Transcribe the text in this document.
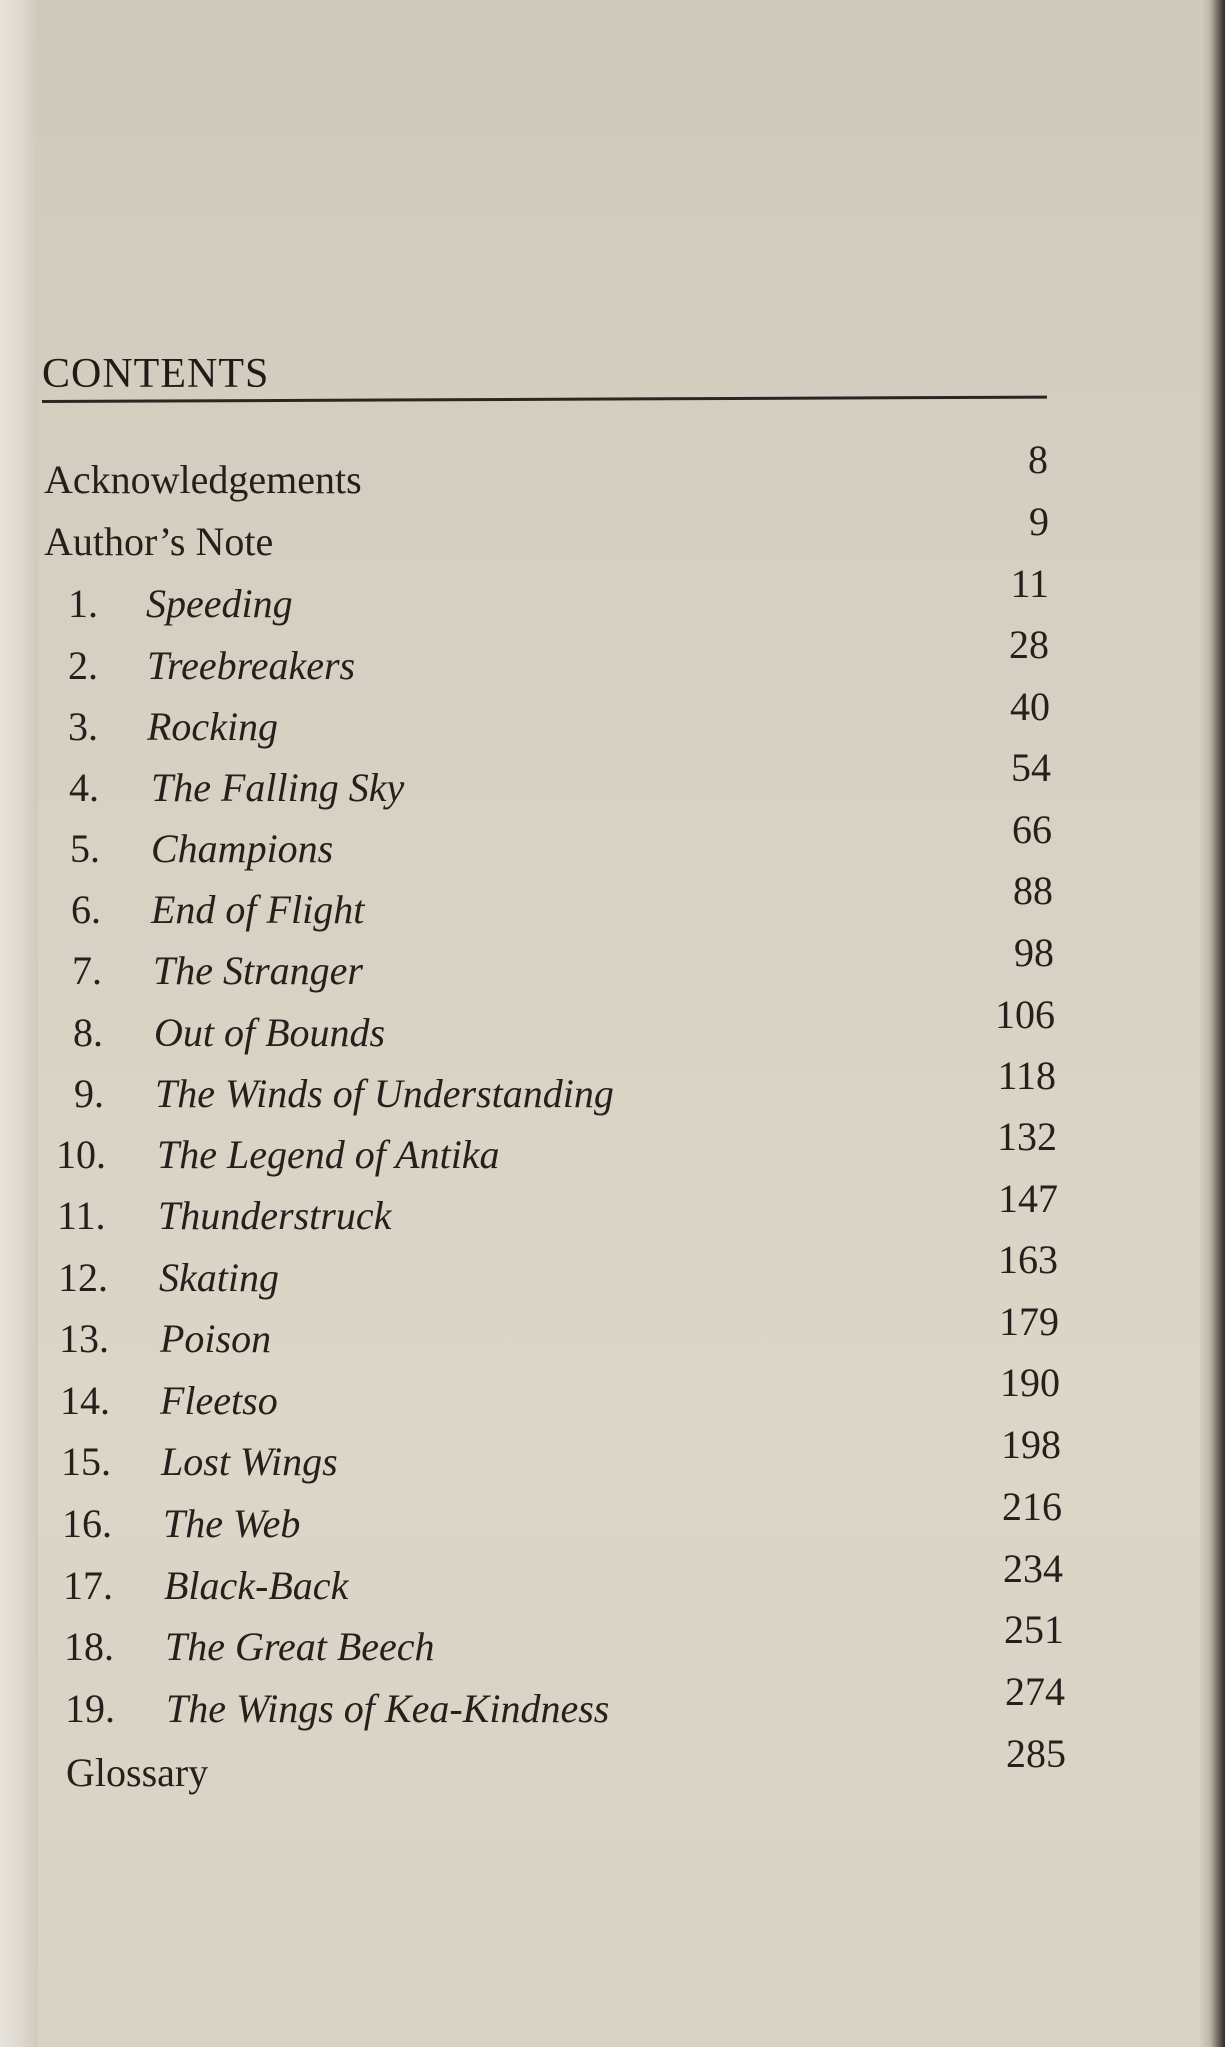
CONTENTS
Acknowledgements	8
Author’s Note	9
1. Speeding	11
2. Treebreakers	28
3. Rocking	40
4. The Falling Sky	54
5. Champions	66
6. End of Flight	88
7. The Stranger	98
8. Out of Bounds	106
9. The Winds of Understanding	118
10. The Legend of Antika	132
11. Thunderstruck	147
12. Skating	163
13. Poison	179
14. Fleetso	190
15. Lost Wings	198
16. The Web	216
17. Black-Back	234
18. The Great Beech	251
19. The Wings of Kea-Kindness	274
Glossary	285
